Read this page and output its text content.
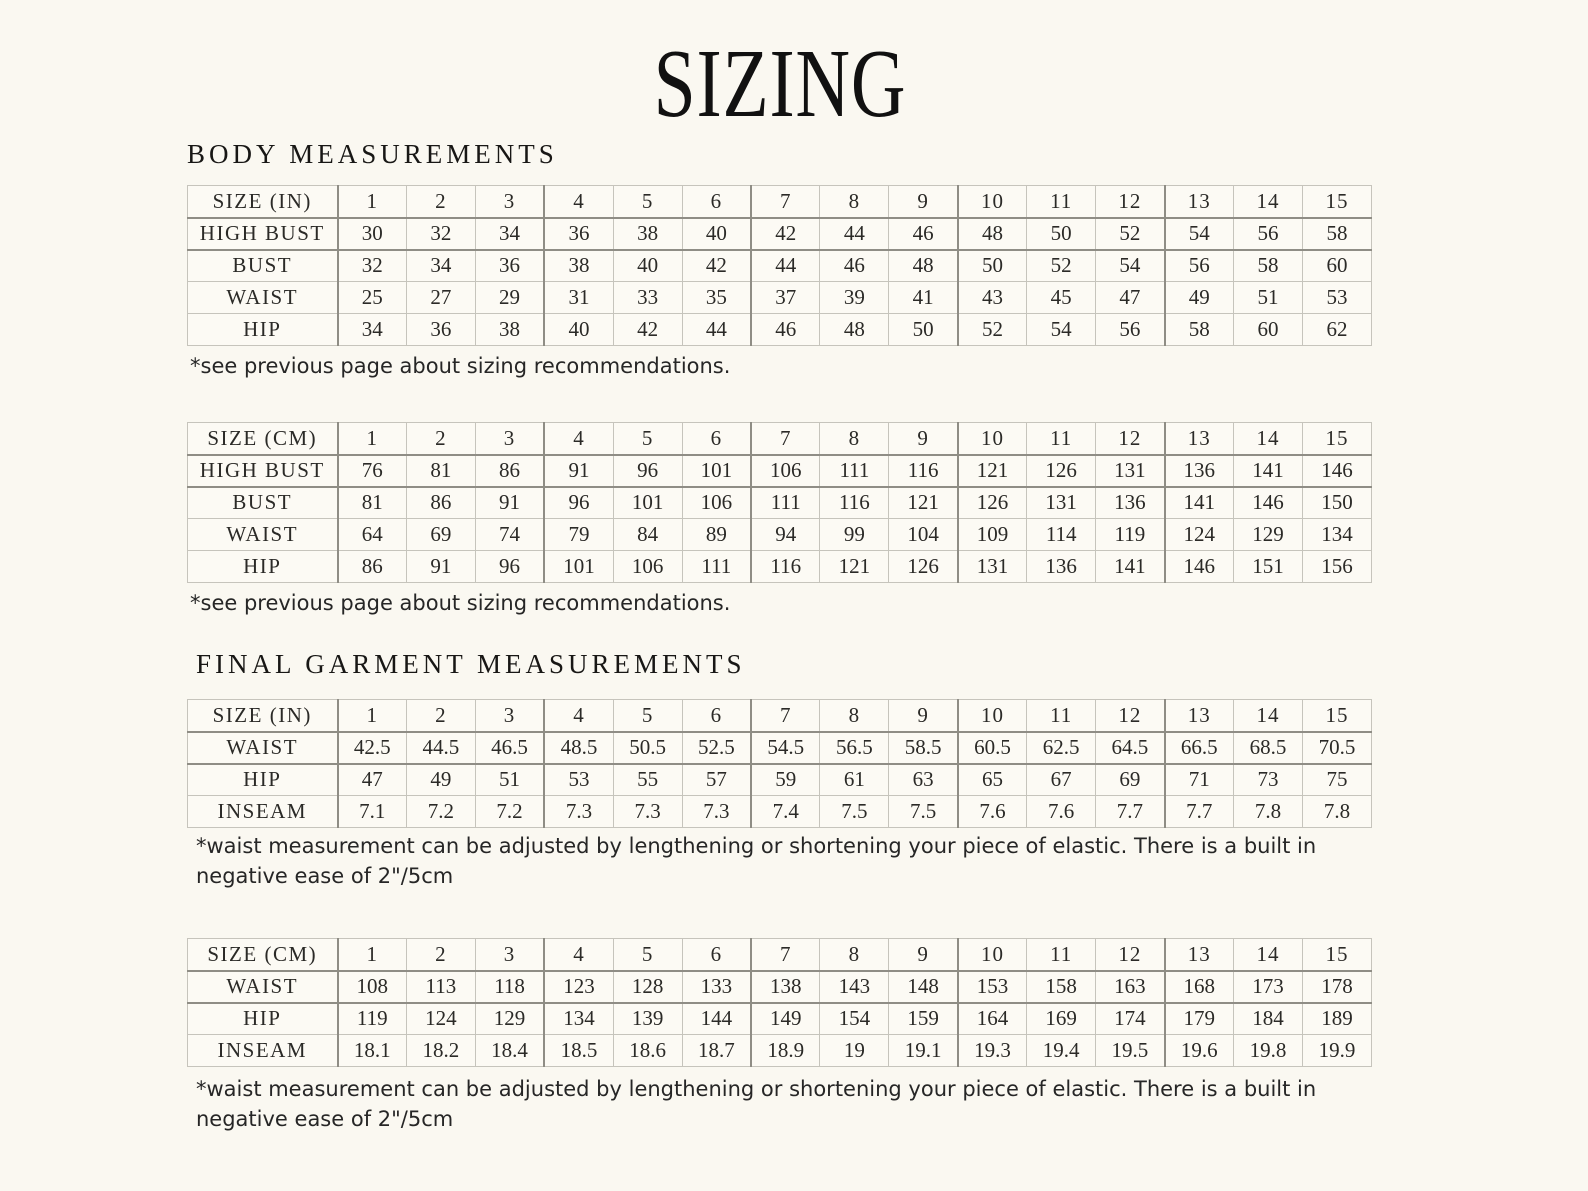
SIZING
BODY MEASUREMENTS
SIZE (IN)	1	2	3	4	5	6	7	8	9	10	11	12	13	14	15
HIGH BUST	30	32	34	36	38	40	42	44	46	48	50	52	54	56	58
BUST	32	34	36	38	40	42	44	46	48	50	52	54	56	58	60
WAIST	25	27	29	31	33	35	37	39	41	43	45	47	49	51	53
HIP	34	36	38	40	42	44	46	48	50	52	54	56	58	60	62
*see previous page about sizing recommendations.
SIZE (CM)	1	2	3	4	5	6	7	8	9	10	11	12	13	14	15
HIGH BUST	76	81	86	91	96	101	106	111	116	121	126	131	136	141	146
BUST	81	86	91	96	101	106	111	116	121	126	131	136	141	146	150
WAIST	64	69	74	79	84	89	94	99	104	109	114	119	124	129	134
HIP	86	91	96	101	106	111	116	121	126	131	136	141	146	151	156
*see previous page about sizing recommendations.
FINAL GARMENT MEASUREMENTS
SIZE (IN)	1	2	3	4	5	6	7	8	9	10	11	12	13	14	15
WAIST	42.5	44.5	46.5	48.5	50.5	52.5	54.5	56.5	58.5	60.5	62.5	64.5	66.5	68.5	70.5
HIP	47	49	51	53	55	57	59	61	63	65	67	69	71	73	75
INSEAM	7.1	7.2	7.2	7.3	7.3	7.3	7.4	7.5	7.5	7.6	7.6	7.7	7.7	7.8	7.8
*waist measurement can be adjusted by lengthening or shortening your piece of elastic. There is a built in negative ease of 2"/5cm
SIZE (CM)	1	2	3	4	5	6	7	8	9	10	11	12	13	14	15
WAIST	108	113	118	123	128	133	138	143	148	153	158	163	168	173	178
HIP	119	124	129	134	139	144	149	154	159	164	169	174	179	184	189
INSEAM	18.1	18.2	18.4	18.5	18.6	18.7	18.9	19	19.1	19.3	19.4	19.5	19.6	19.8	19.9
*waist measurement can be adjusted by lengthening or shortening your piece of elastic. There is a built in negative ease of 2"/5cm
